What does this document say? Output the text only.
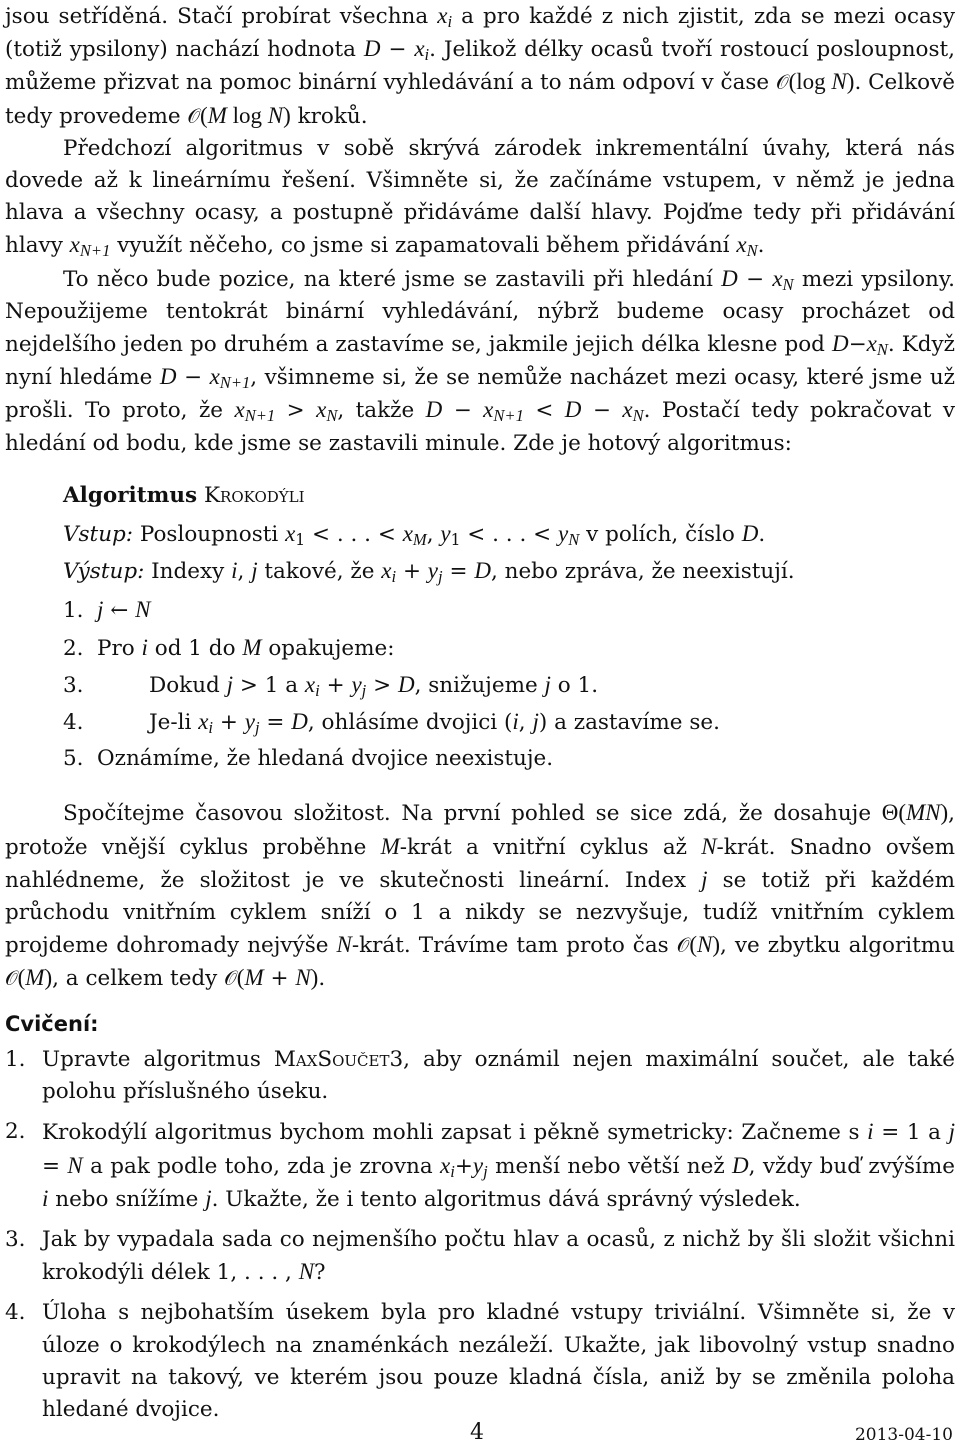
jsou setříděná. Stačí probírat všechna $x_i$ a pro každé z nich zjistit, zda se mezi ocasy (totiž ypsilony) nachází hodnota $D - x_i$. Jelikož délky ocasů tvoří rostoucí posloupnost, můžeme přizvat na pomoc binární vyhledávání a to nám odpoví v čase 𝒪(log N). Celkově tedy provedeme 𝒪(M log N) kroků.

Předchozí algoritmus v sobě skrývá zárodek inkrementální úvahy, která nás dovede až k lineárnímu řešení. Všimněte si, že začínáme vstupem, v němž je jedna hlava a všechny ocasy, a postupně přidáváme další hlavy. Pojďme tedy při přidávání hlavy $x_{N+1}$ využít něčeho, co jsme si zapamatovali během přidávání $x_N$.

To něco bude pozice, na které jsme se zastavili při hledání $D - x_N$ mezi ypsilony. Nepoužijeme tentokrát binární vyhledávání, nýbrž budeme ocasy procházet od nejdelšího jeden po druhém a zastavíme se, jakmile jejich délka klesne pod $D-x_N$. Když nyní hledáme $D - x_{N+1}$, všimneme si, že se nemůže nacházet mezi ocasy, které jsme už prošli. To proto, že $x_{N+1} > x_N$, takže $D - x_{N+1} < D - x_N$. Postačí tedy pokračovat v hledání od bodu, kde jsme se zastavili minule. Zde je hotový algoritmus:

Algoritmus Krokodýli
Vstup: Posloupnosti $x_1$ < . . . < $x_M$, $y_1$ < . . . < $y_N$ v polích, číslo D.
Výstup: Indexy i, j takové, že $x_i + y_j = D$, nebo zpráva, že neexistují.
1. j ← N
2. Pro i od 1 do M opakujeme:
3.	Dokud j > 1 a $x_i + y_j > D$, snižujeme j o 1.
4.	Je-li $x_i + y_j = D$, ohlásíme dvojici (i, j) a zastavíme se.
5. Oznámíme, že hledaná dvojice neexistuje.

Spočítejme časovou složitost. Na první pohled se sice zdá, že dosahuje Θ(MN), protože vnější cyklus proběhne M-krát a vnitřní cyklus až N-krát. Snadno ovšem nahlédneme, že složitost je ve skutečnosti lineární. Index j se totiž při každém průchodu vnitřním cyklem sníží o 1 a nikdy se nezvyšuje, tudíž vnitřním cyklem projdeme dohromady nejvýše N-krát. Trávíme tam proto čas 𝒪(N), ve zbytku algoritmu 𝒪(M), a celkem tedy 𝒪(M + N).

Cvičení:
1. Upravte algoritmus MaxSoučet3, aby oznámil nejen maximální součet, ale také polohu příslušného úseku.
2. Krokodýlí algoritmus bychom mohli zapsat i pěkně symetricky: Začneme s i = 1 a j = N a pak podle toho, zda je zrovna $x_i+y_j$ menší nebo větší než D, vždy buď zvýšíme i nebo snížíme j. Ukažte, že i tento algoritmus dává správný výsledek.
3. Jak by vypadala sada co nejmenšího počtu hlav a ocasů, z nichž by šli složit všichni krokodýli délek 1, . . . , N?
4. Úloha s nejbohatším úsekem byla pro kladné vstupy triviální. Všimněte si, že v úloze o krokodýlech na znaménkách nezáleží. Ukažte, jak libovolný vstup snadno upravit na takový, ve kterém jsou pouze kladná čísla, aniž by se změnila poloha hledané dvojice.
4	2013-04-10
